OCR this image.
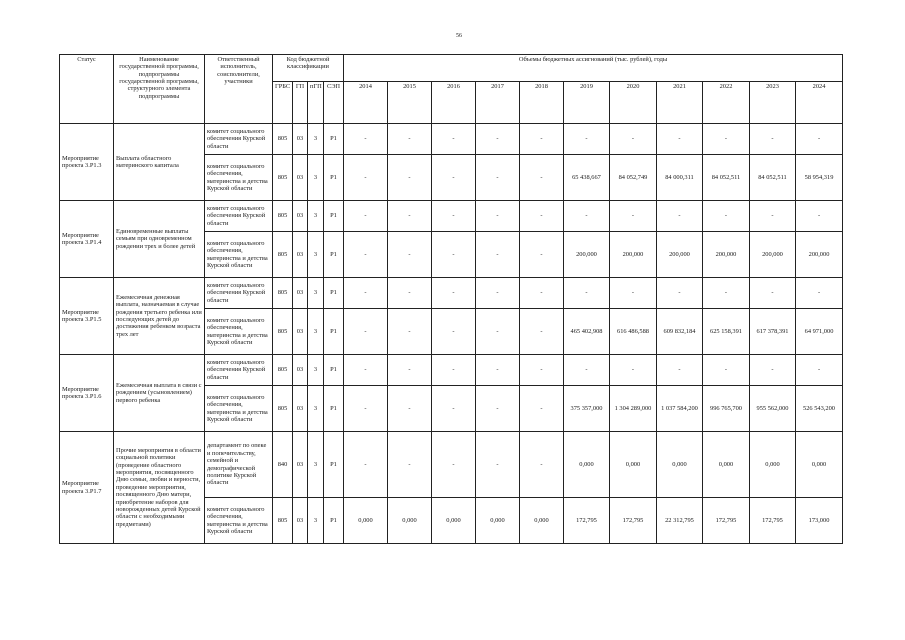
56
Статус	Наименование государственной программы, подпрограммы государственной программы, структурного элемента подпрограммы	Ответственный исполнитель, соисполнители, участники	Код бюджетной классификации				Объемы бюджетных ассигнований (тыс. рублей), годы										
			ГРБС	ГП	пГП	СЭП	2014	2015	2016	2017	2018	2019	2020	2021	2022	2023	2024
Мероприятие проекта 3.Р1.3	Выплата областного материнского капитала	комитет социального обеспечения Курской области	805	03	3	Р1	-	-	-	-	-	-	-	-	-	-	-
		комитет социального обеспечения, материнства и детства Курской области	805	03	3	Р1	-	-	-	-	-	65 438,667	84 052,749	84 000,311	84 052,511	84 052,511	58 954,319
Мероприятие проекта 3.Р1.4	Единовременные выплаты семьям при одновременном рождении трех и более детей	комитет социального обеспечения Курской области	805	03	3	Р1	-	-	-	-	-	-	-	-	-	-	-
		комитет социального обеспечения, материнства и детства Курской области	805	03	3	Р1	-	-	-	-	-	200,000	200,000	200,000	200,000	200,000	200,000
Мероприятие проекта 3.Р1.5	Ежемесячная денежная выплата, назначаемая в случае рождения третьего ребенка или последующих детей до достижения ребенком возраста трех лет	комитет социального обеспечения Курской области	805	03	3	Р1	-	-	-	-	-	-	-	-	-	-	-
		комитет социального обеспечения, материнства и детства Курской области	805	03	3	Р1	-	-	-	-	-	465 402,908	616 486,588	609 832,184	625 158,391	617 378,391	64 971,000
Мероприятие проекта 3.Р1.6	Ежемесячная выплата в связи с рождением (усыновлением) первого ребенка	комитет социального обеспечения Курской области	805	03	3	Р1	-	-	-	-	-	-	-	-	-	-	-
		комитет социального обеспечения, материнства и детства Курской области	805	03	3	Р1	-	-	-	-	-	375 357,000	1 304 289,000	1 037 584,200	996 765,700	955 562,000	526 543,200
Мероприятие проекта 3.Р1.7	Прочие мероприятия в области социальной политики (проведение областного мероприятия, посвященного Дню семьи, любви и верности, проведение мероприятия, посвященного Дню матери, приобретение наборов для новорожденных детей Курской области с необходимыми предметами)	департамент по опеке и попечительству, семейной и демографической политике Курской области	840	03	3	Р1	-	-	-	-	-	0,000	0,000	0,000	0,000	0,000	0,000
		комитет социального обеспечения, материнства и детства Курской области	805	03	3	Р1	0,000	0,000	0,000	0,000	0,000	172,795	172,795	22 312,795	172,795	172,795	173,000
